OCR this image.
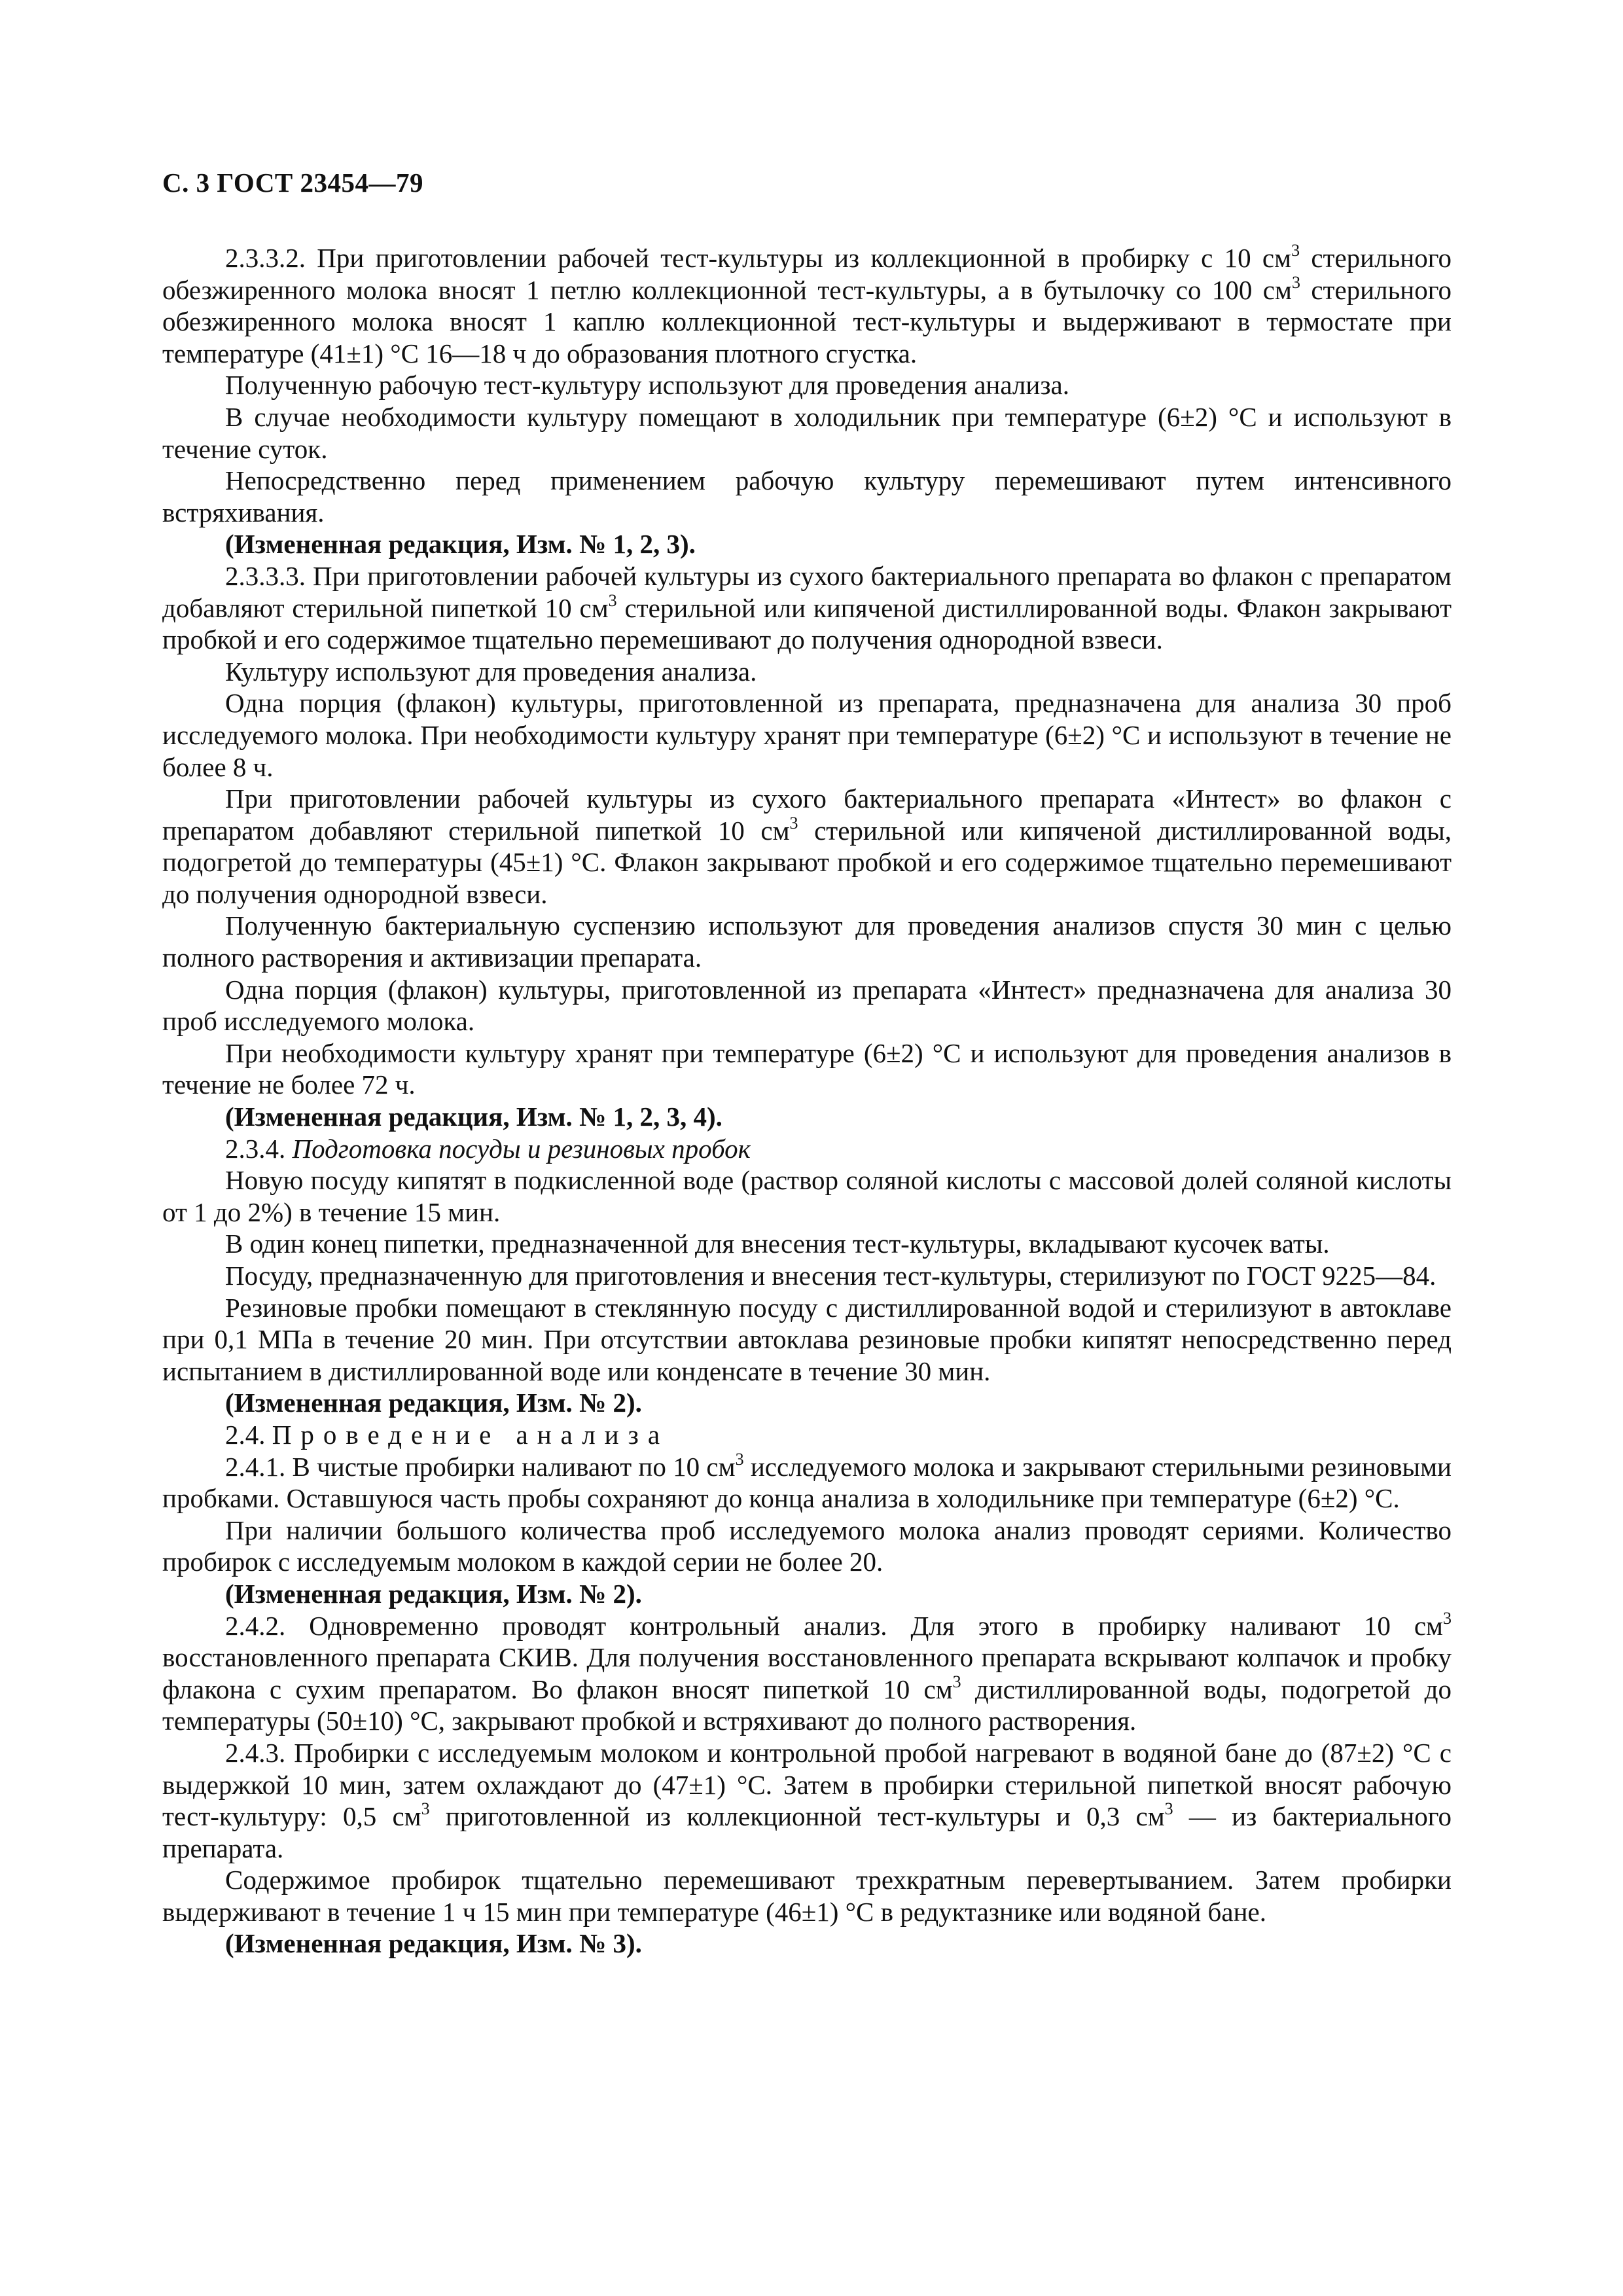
С. 3 ГОСТ 23454—79

2.3.3.2. При приготовлении рабочей тест-культуры из коллекционной в пробирку с 10 $см^3$ стерильного обезжиренного молока вносят 1 петлю коллекционной тест-культуры, а в бутылочку со 100 $см^3$ стерильного обезжиренного молока вносят 1 каплю коллекционной тест-культуры и выдерживают в термостате при температуре (41±1) °С 16—18 ч до образования плотного сгустка.

Полученную рабочую тест-культуру используют для проведения анализа.

В случае необходимости культуру помещают в холодильник при температуре (6±2) °С и используют в течение суток.

Непосредственно перед применением рабочую культуру перемешивают путем интенсивного встряхивания.

(Измененная редакция, Изм. № 1, 2, 3).

2.3.3.3. При приготовлении рабочей культуры из сухого бактериального препарата во флакон с препаратом добавляют стерильной пипеткой 10 $см^3$ стерильной или кипяченой дистиллированной воды. Флакон закрывают пробкой и его содержимое тщательно перемешивают до получения однородной взвеси.

Культуру используют для проведения анализа.

Одна порция (флакон) культуры, приготовленной из препарата, предназначена для анализа 30 проб исследуемого молока. При необходимости культуру хранят при температуре (6±2) °С и используют в течение не более 8 ч.

При приготовлении рабочей культуры из сухого бактериального препарата «Интест» во флакон с препаратом добавляют стерильной пипеткой 10 $см^3$ стерильной или кипяченой дистиллированной воды, подогретой до температуры (45±1) °С. Флакон закрывают пробкой и его содержимое тщательно перемешивают до получения однородной взвеси.

Полученную бактериальную суспензию используют для проведения анализов спустя 30 мин с целью полного растворения и активизации препарата.

Одна порция (флакон) культуры, приготовленной из препарата «Интест» предназначена для анализа 30 проб исследуемого молока.

При необходимости культуру хранят при температуре (6±2) °С и используют для проведения анализов в течение не более 72 ч.

(Измененная редакция, Изм. № 1, 2, 3, 4).

2.3.4. Подготовка посуды и резиновых пробок

Новую посуду кипятят в подкисленной воде (раствор соляной кислоты с массовой долей соляной кислоты от 1 до 2%) в течение 15 мин.

В один конец пипетки, предназначенной для внесения тест-культуры, вкладывают кусочек ваты.

Посуду, предназначенную для приготовления и внесения тест-культуры, стерилизуют по ГОСТ 9225—84.

Резиновые пробки помещают в стеклянную посуду с дистиллированной водой и стерилизуют в автоклаве при 0,1 МПа в течение 20 мин. При отсутствии автоклава резиновые пробки кипятят непосредственно перед испытанием в дистиллированной воде или конденсате в течение 30 мин.

(Измененная редакция, Изм. № 2).

2.4. Проведение анализа

2.4.1. В чистые пробирки наливают по 10 $см^3$ исследуемого молока и закрывают стерильными резиновыми пробками. Оставшуюся часть пробы сохраняют до конца анализа в холодильнике при температуре (6±2) °С.

При наличии большого количества проб исследуемого молока анализ проводят сериями. Количество пробирок с исследуемым молоком в каждой серии не более 20.

(Измененная редакция, Изм. № 2).

2.4.2. Одновременно проводят контрольный анализ. Для этого в пробирку наливают 10 $см^3$ восстановленного препарата СКИВ. Для получения восстановленного препарата вскрывают колпачок и пробку флакона с сухим препаратом. Во флакон вносят пипеткой 10 $см^3$ дистиллированной воды, подогретой до температуры (50±10) °С, закрывают пробкой и встряхивают до полного растворения.

2.4.3. Пробирки с исследуемым молоком и контрольной пробой нагревают в водяной бане до (87±2) °С с выдержкой 10 мин, затем охлаждают до (47±1) °С. Затем в пробирки стерильной пипеткой вносят рабочую тест-культуру: 0,5 $см^3$ приготовленной из коллекционной тест-культуры и 0,3 $см^3$ — из бактериального препарата.

Содержимое пробирок тщательно перемешивают трехкратным перевертыванием. Затем пробирки выдерживают в течение 1 ч 15 мин при температуре (46±1) °С в редуктазнике или водяной бане.

(Измененная редакция, Изм. № 3).
